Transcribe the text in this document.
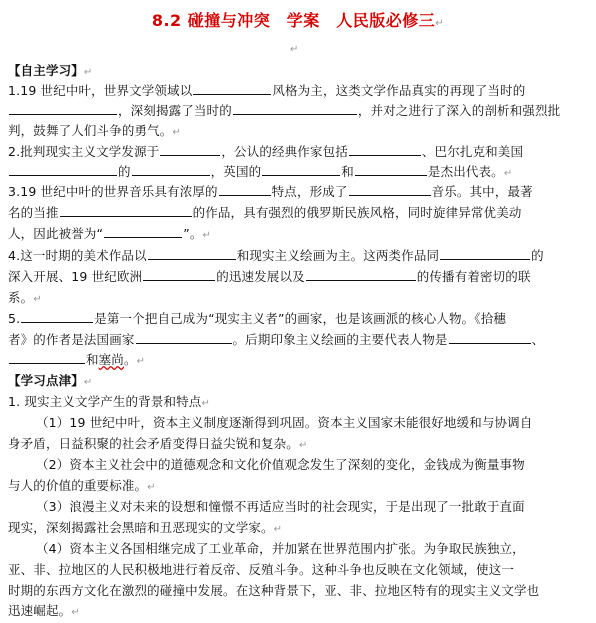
8.2 碰撞与冲突　学案　人民版必修三↵
↵
【自主学习】↵
1.19 世纪中叶，世界文学领域以	风格为主，这类文学作品真实的再现了当时的
，深刻揭露了当时的	，并对之进行了深入的剖析和强烈批
判，鼓舞了人们斗争的勇气。↵
2.批判现实主义文学发源于	，公认的经典作家包括	、巴尔扎克和美国
的	，英国的	和	是杰出代表。↵
3.19 世纪中叶的世界音乐具有浓厚的	特点，形成了	音乐。其中，最著
名的当推	的作品，具有强烈的俄罗斯民族风格，同时旋律异常优美动
人，因此被誉为“	”。↵
4.这一时期的美术作品以	和现实主义绘画为主。这两类作品同	的
深入开展、19 世纪欧洲	的迅速发展以及	的传播有着密切的联
系。↵
5.	是第一个把自己成为“现实主义者”的画家，也是该画派的核心人物。《拾穗
者》的作者是法国画家	。后期印象主义绘画的主要代表人物是	、
和塞尚。↵
【学习点津】↵
1. 现实主义文学产生的背景和特点↵
（1）19 世纪中叶，资本主义制度逐渐得到巩固。资本主义国家未能很好地缓和与协调自
身矛盾，日益积聚的社会矛盾变得日益尖锐和复杂。↵
（2）资本主义社会中的道德观念和文化价值观念发生了深刻的变化，金钱成为衡量事物
与人的价值的重要标准。↵
（3）浪漫主义对未来的设想和憧憬不再适应当时的社会现实，于是出现了一批敢于直面
现实，深刻揭露社会黑暗和丑恶现实的文学家。↵
（4）资本主义各国相继完成了工业革命，并加紧在世界范围内扩张。为争取民族独立，
亚、非、拉地区的人民积极地进行着反帝、反殖斗争。这种斗争也反映在文化领域，使这一
时期的东西方文化在激烈的碰撞中发展。在这种背景下，亚、非、拉地区特有的现实主义文学也
迅速崛起。↵
